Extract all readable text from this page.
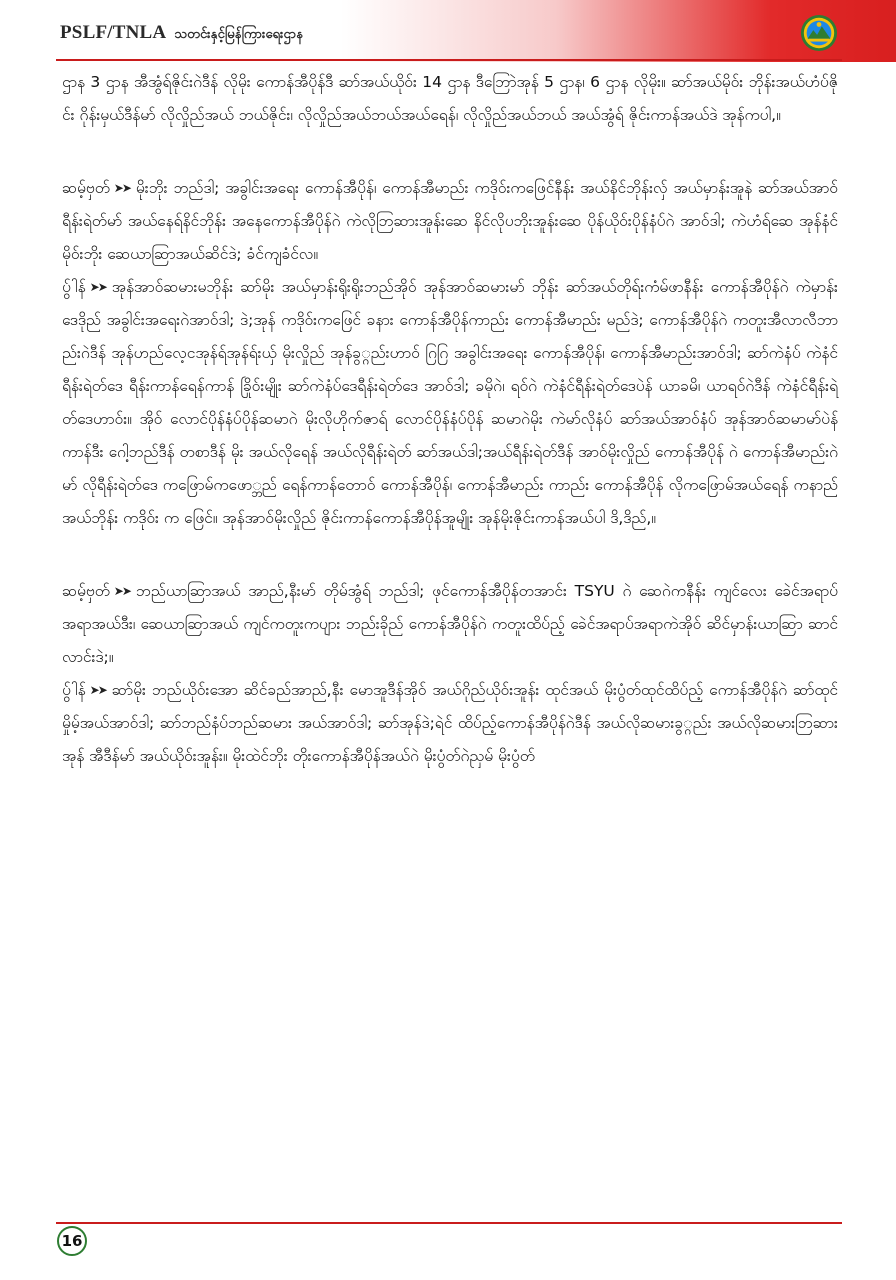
PSLF/TNLA သတင်းနှင့်မြန်ကြားရေးဌာန

ဌာန 3 ဌာန အီအွံရ်ဇိုင်းဂဲဒီန် လိုမိုး ကောန်အီပိုန်ဒီ ဆာ်အယ်ယိုဝ်း 14 ဌာန ဒီဘြောဲအုန် 5 ဌာန၊ 6 ဌာန လိုမိုး။ ဆာ်အယ်မိုဝ်း ဘိုန်းအယ်ဟံပ်ဇိုင်း ဂိုန်းမှယ်ဒီန်မာ် လိုလှိုည်အယ် ဘယ်ဇိုင်း၊ လိုလှိုည်အယ်ဘယ်အယ်ရေန်၊ လိုလှိုည်အယ်ဘယ် အယ်အွံရ် ဇိုင်းကာန်အယ်ဒဲ အုန်ကပါ,။

ဆမ့်ဗှတ် ➤➤ မိုးဘိုး ဘည်ဒါ; အခွါင်းအရေး ကောန်အီပိုန်၊ ကောန်အီမာည်း ကဒိုဝ်းကဖြေင်နီန်း အယ်နိင်ဘိုန်းလှ် အယ်မှာန်းအူနဲ ဆာ်အယ်အာဝ်ရီန်းရဲတ်မာ် အယ်နေရ်နိင်ဘိုန်း အနေကောန်အီပိုန်ဂဲ ကဲလိုဘြဆားအူန်းဆေ နိင်လိုပဘိုးအူန်းဆေ ပိုန်ယိုဝ်းပိုန်နံပ်ဂဲ အာဝ်ဒါ; ကဲဟံရ်ဆေ အုန်နံင်မိုဝ်းဘိုး ဆေယာဆြာအယ်ဆိင်ဒဲ; ခံင်ကျခံင်လ။

ပွ်ါန် ➤➤ အုန်အာဝ်ဆမားမဘိုန်း ဆာ်မိုး အယ်မှာန်းရိုးရိုးဘည်အိုဝ် အုန်အာဝ်ဆမားမာ် ဘိုန်း ဆာ်အယ်တိုရ်းကံမ်ဖာနီန်း ကောန်အီပိုန်ဂဲ ကဲမှာန်းဒေဒိုည် အခွါင်းအရေးဂဲအာဝ်ဒါ; ဒဲ;အုန် ကဒိုဝ်းကဖြေင် ခနား ကောန်အီပိုန်ကာည်း ကောန်အီမာည်း မည်ဒဲ; ကောန်အီပိုန်ဂဲ ကတူးအီလာလီဘာည်းဂဲဒီန် အုန်ဟည်လေ့ငအုန်ရ်အုန်ရ်းယှ် မိုးလှိုည် အုန်ခွ္ဂည်းဟာဝ် ဂြဂြ အခွါင်းအရေး ကောန်အီပိုန်၊ ကောန်အီမာည်းအာဝ်ဒါ; ဆာ်ကဲနံပ် ကဲနံင်ရီန်းရဲတ်ဒေ ရီန်းကာန်ရေန်ကာန် ခြိုဝ်းမျိုး ဆာ်ကဲနံပ်ဒေရီန်းရဲတ်ဒေ အာဝ်ဒါ; ခမိုဂဲ၊ ရဝ်ဂဲ ကဲနံင်ရီန်းရဲတ်ဒေပဲန် ယာခမိ၊ ယာရဝ်ဂဲဒီန် ကဲနံင်ရီန်းရဲတ်ဒေဟာဝ်း။ အိုဝ် လောင်ပိုန်နံပ်ပိုန်ဆမာဂဲ မိုးလိုဟိုက်ဇာရ် လောင်ပိုန်နံပ်ပိုန် ဆမာဂဲမိုး ကဲမာ်လိုနံပ် ဆာ်အယ်အာဝ်နံပ် အုန်အာဝ်ဆမာမာ်ပဲန်ကာန်ဒီး ဂေါ့ဘည်ဒီန် တစာဒီန် မိုး အယ်လိုရေန် အယ်လိုရီန်းရဲတ် ဆာ်အယ်ဒါ;အယ်ရီန်းရဲတ်ဒီန် အာဝ်မိုးလှိုည် ကောန်အီပိုန် ဂဲ ကောန်အီမာည်းဂဲမာ် လိုရီန်းရဲတ်ဒေ ကဖြောမ်ကဖော္ဘည် ရေန်ကာန်တောဝ် ကောန်အီပိုန်၊ ကောန်အီမာည်း ကာည်း ကောန်အီပိုန် လိုကဖြောမ်အယ်ရေန် ကနာည်အယ်ဘိုန်း ကဒိုဝ်း က ဖြေင်။ အုန်အာဝ်မိုးလှိုည် ဇိုင်းကာန်ကောန်အီပိုန်အူမျိုး အုန်မိုးဇိုင်းကာန်အယ်ပါ ဒိ,ဒိည်,။

ဆမ့်ဗှတ် ➤➤ ဘည်ယာဆြာအယ် အာည်,နီးမာ် တိုမ်အွံရ် ဘည်ဒါ; ဖုင်ကောန်အီပိုန်တအာင်း TSYU ဂဲ ဆေဂဲကနီန်း ကျင်လေး ခေဲင်အရာပ်အရာအယ်ဒီး၊ ဆေယာဆြာအယ် ကျင်ကတူးကပျား ဘည်းခိုည် ကောန်အီပိုန်ဂဲ ကတူးထိပ်ည့် ခေဲင်အရာပ်အရာကဲအိုဝ် ဆိင်မှာန်းယာဆြာ ဆာင်လာင်းဒဲ;။

ပွ်ါန် ➤➤ ဆာ်မိုး ဘည်ယိုဝ်းအော ဆိင်ခည်အာည်,နီး မောအူဒီန်အိုဝ် အယ်ဂိုည်ယိုဝ်းအူန်း ထုင်အယ် မိုးပွံတ်ထုင်ထိပ်ည့် ကောန်အီပိုန်ဂဲ ဆာ်ထုင်မှိုမ့်အယ်အာဝ်ဒါ; ဆာ်ဘည်နံပ်ဘည်ဆမား အယ်အာဝ်ဒါ; ဆာ်အုန်ဒဲ;ရဲင် ထိပ်ည့်ကောန်အီပိုန်ဂဲဒီန် အယ်လိုဆမားခွ္ဂည်း အယ်လိုဆမားဘြဆားအုန် အီဒီန်မာ် အယ်ယိုဝ်းအူန်း။ မိုးထဲင်ဘိုး တိုးကောန်အီပိုန်အယ်ဂဲ မိုးပွံတ်ဂဲညှမ် မိုးပွံတ်

16
